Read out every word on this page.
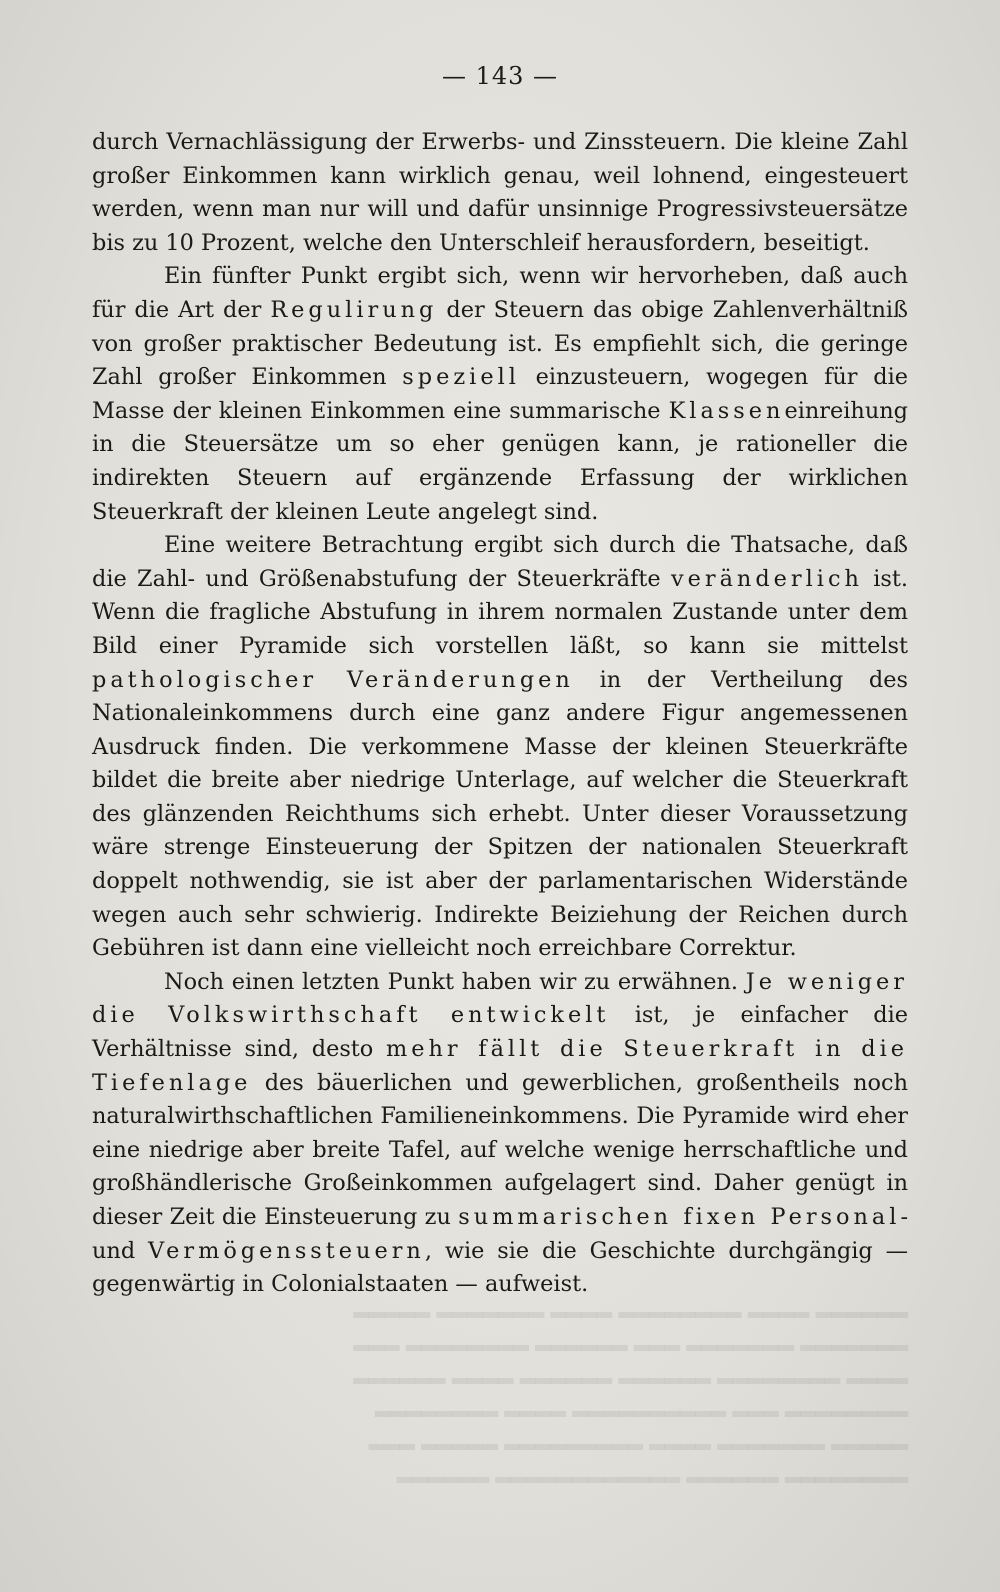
— 143 —

durch Vernachlässigung der Erwerbs- und Zinssteuern. Die kleine Zahl großer Einkommen kann wirklich genau, weil lohnend, eingesteuert werden, wenn man nur will und dafür unsinnige Progressivsteuersätze bis zu 10 Prozent, welche den Unterschleif herausfordern, beseitigt.

Ein fünfter Punkt ergibt sich, wenn wir hervorheben, daß auch für die Art der Regulirung der Steuern das obige Zahlenverhältniß von großer praktischer Bedeutung ist. Es empfiehlt sich, die geringe Zahl großer Einkommen speziell einzusteuern, wogegen für die Masse der kleinen Einkommen eine summarische Klasseneinreihung in die Steuersätze um so eher genügen kann, je rationeller die indirekten Steuern auf ergänzende Erfassung der wirklichen Steuerkraft der kleinen Leute angelegt sind.

Eine weitere Betrachtung ergibt sich durch die Thatsache, daß die Zahl- und Größenabstufung der Steuerkräfte veränderlich ist. Wenn die fragliche Abstufung in ihrem normalen Zustande unter dem Bild einer Pyramide sich vorstellen läßt, so kann sie mittelst pathologischer Veränderungen in der Vertheilung des Nationaleinkommens durch eine ganz andere Figur angemessenen Ausdruck finden. Die verkommene Masse der kleinen Steuerkräfte bildet die breite aber niedrige Unterlage, auf welcher die Steuerkraft des glänzenden Reichthums sich erhebt. Unter dieser Voraussetzung wäre strenge Einsteuerung der Spitzen der nationalen Steuerkraft doppelt nothwendig, sie ist aber der parlamentarischen Widerstände wegen auch sehr schwierig. Indirekte Beiziehung der Reichen durch Gebühren ist dann eine vielleicht noch erreichbare Correktur.

Noch einen letzten Punkt haben wir zu erwähnen. Je weniger die Volkswirthschaft entwickelt ist, je einfacher die Verhältnisse sind, desto mehr fällt die Steuerkraft in die Tiefenlage des bäuerlichen und gewerblichen, großentheils noch naturalwirthschaftlichen Familieneinkommens. Die Pyramide wird eher eine niedrige aber breite Tafel, auf welche wenige herrschaftliche und großhändlerische Großeinkommen aufgelagert sind. Daher genügt in dieser Zeit die Einsteuerung zu summarischen fixen Personal- und Vermögenssteuern, wie sie die Geschichte durchgängig — gegenwärtig in Colonialstaaten — aufweist.

▂▂▂▂▂▂ ▂▂▂▂ ▂▂▂▂▂▂▂▂ ▂▂▂▂ ▂▂▂▂▂▂▂ ▂▂▂▂▂
▂▂▂▂▂▂▂ ▂▂▂▂▂▂▂ ▂▂▂ ▂▂▂▂▂▂ ▂▂▂▂▂▂▂▂ ▂▂▂
▂▂▂▂ ▂▂▂▂▂▂▂▂ ▂▂▂▂▂▂ ▂▂▂▂▂▂ ▂▂▂▂ ▂▂▂▂▂▂
▂▂▂▂▂▂▂▂ ▂▂▂ ▂▂▂▂▂▂▂▂▂▂ ▂▂▂▂ ▂▂▂▂▂▂▂▂
▂▂▂▂▂ ▂▂▂▂▂▂▂ ▂▂▂▂ ▂▂▂▂▂▂▂▂▂ ▂▂▂▂▂ ▂▂▂
▂▂▂▂▂▂▂▂ ▂▂▂▂▂▂ ▂▂▂▂▂▂▂▂▂▂▂▂ ▂▂▂▂▂▂
